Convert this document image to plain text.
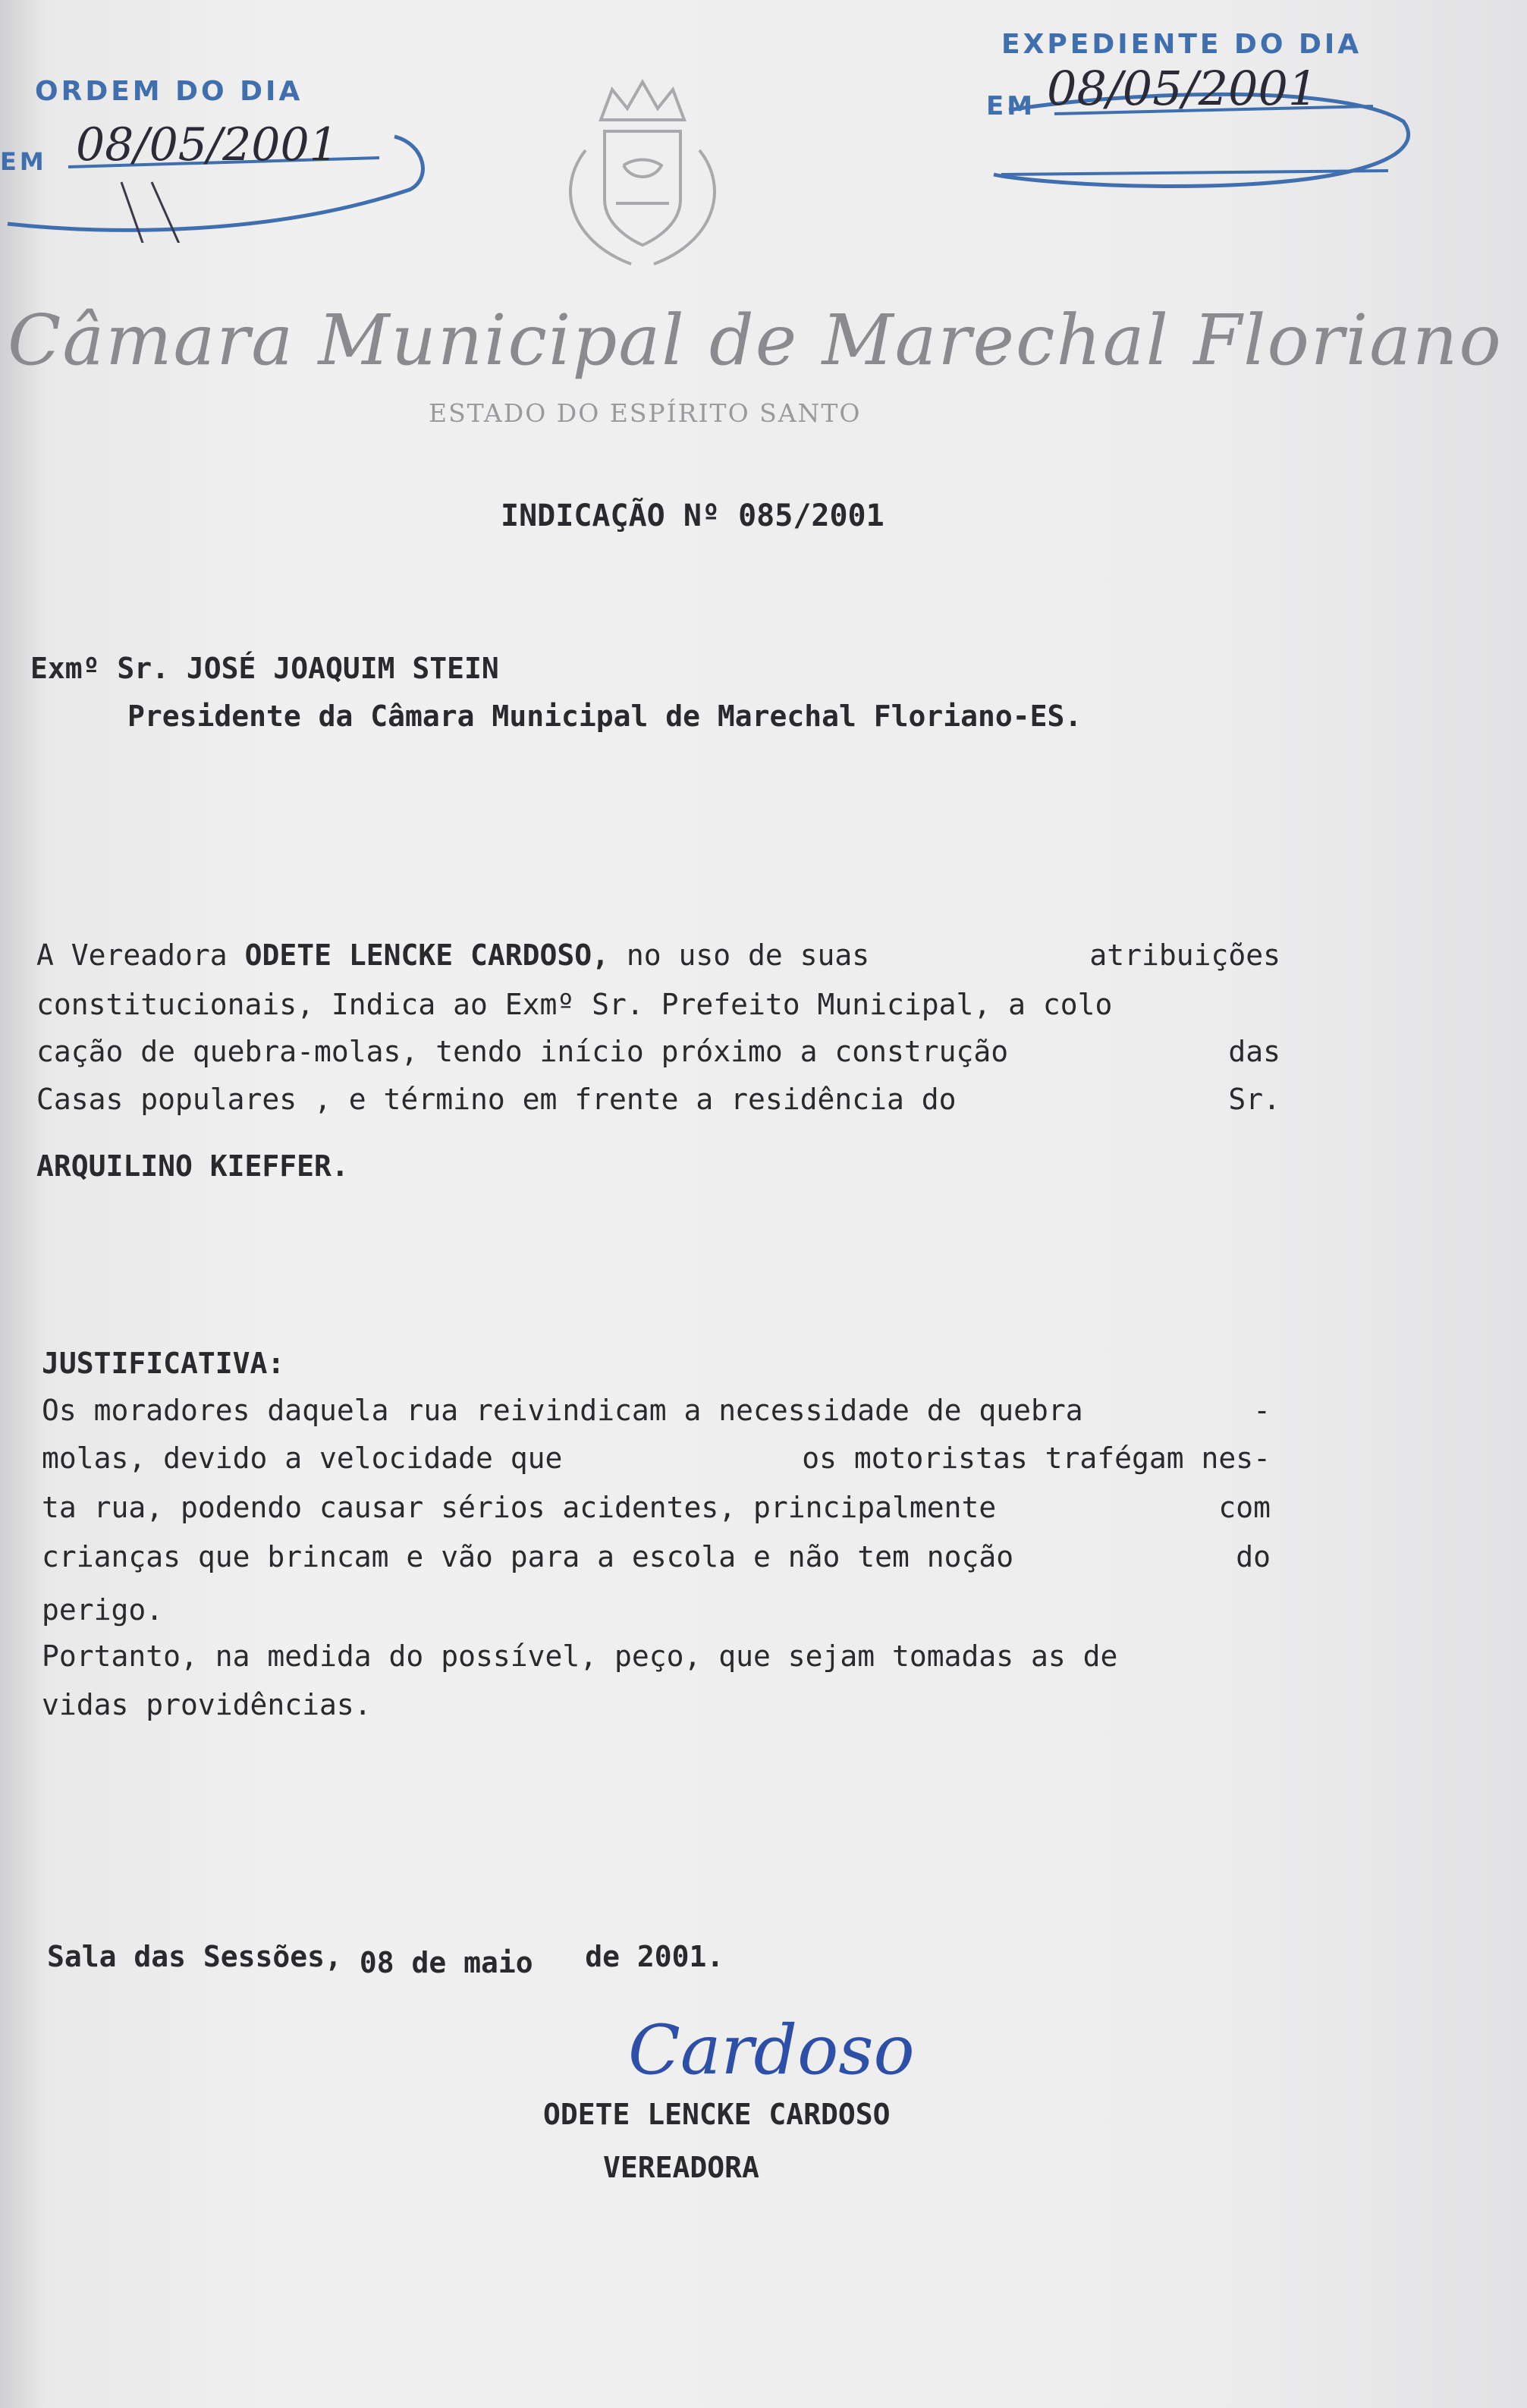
ORDEM DO DIA
EM 08/05/2001
EXPEDIENTE DO DIA
EM 08/05/2001
Câmara Municipal de Marechal Floriano
ESTADO DO ESPÍRITO SANTO
INDICAÇÃO Nº 085/2001
Exmº Sr. JOSÉ JOAQUIM STEIN
Presidente da Câmara Municipal de Marechal Floriano-ES.
A Vereadora ODETE LENCKE CARDOSO, no uso de suas	atribuições
constitucionais, Indica ao Exmº Sr. Prefeito Municipal, a colo
cação de quebra-molas, tendo início próximo a construção	das
Casas populares , e término em frente a residência do	Sr.
ARQUILINO KIEFFER.
JUSTIFICATIVA:
Os moradores daquela rua reivindicam a necessidade de quebra	-
molas, devido a velocidade que	os motoristas trafégam nes-
ta rua, podendo causar sérios acidentes, principalmente	com
crianças que brincam e vão para a escola e não tem noção	do
perigo.
Portanto, na medida do possível, peço, que sejam tomadas as de
vidas providências.
Sala das Sessões, 08 de maio de 2001.
Cardoso
ODETE LENCKE CARDOSO
VEREADORA
